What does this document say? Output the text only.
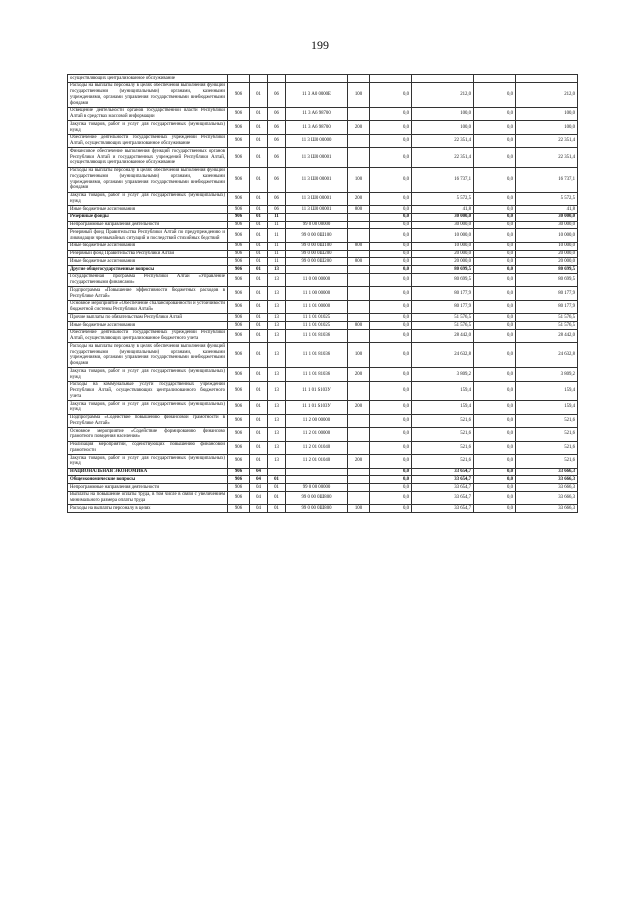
199
осуществляющих централизованное обслуживание									
Расходы на выплаты персоналу в целях обеспечения выполнения функций государственными (муниципальными) органами, казенными учреждениями, органами управления государственными внебюджетными фондами	906	01	06	11 3 А0 0000Е	100	0,0	212,0	0,0	212,0
Освещение деятельности органов государственной власти Республики Алтай в средствах массовой информации	906	01	06	11 3 А6 98700		0,0	100,0	0,0	100,0
Закупка товаров, работ и услуг для государственных (муниципальных) нужд	906	01	06	11 3 А6 98700	200	0,0	100,0	0,0	100,0
Обеспечение деятельности государственных учреждений Республики Алтай, осуществляющих централизованное обслуживание	906	01	06	11 3 Ш0 00000		0,0	22 351,4	0,0	22 351,4
Финансовое обеспечение выполнения функций государственных органов Республики Алтай и государственных учреждений Республики Алтай, осуществляющих централизованное обслуживание	906	01	06	11 3 Ш0 00001		0,0	22 351,4	0,0	22 351,4
Расходы на выплаты персоналу в целях обеспечения выполнения функций государственными (муниципальными) органами, казенными учреждениями, органами управления государственными внебюджетными фондами	906	01	06	11 3 Ш0 00001	100	0,0	16 737,1	0,0	16 737,1
Закупка товаров, работ и услуг для государственных (муниципальных) нужд	906	01	06	11 3 Ш0 00001	200	0,0	5 572,5	0,0	5 572,5
Иные бюджетные ассигнования	906	01	06	11 3 Ш0 00001	800	0,0	41,8	0,0	41,8
Резервные фонды	906	01	11			0,0	30 000,0	0,0	30 000,0
Непрограммные направления деятельности	906	01	11	99 0 00 00000		0,0	30 000,0	0,0	30 000,0
Резервный фонд Правительства Республики Алтай по предупреждению и ликвидации чрезвычайных ситуаций и последствий стихийных бедствий	906	01	11	99 0 00 0Ш100		0,0	10 000,0	0,0	10 000,0
Иные бюджетные ассигнования	906	01	11	99 0 00 0Ш100	800	0,0	10 000,0	0,0	10 000,0
Резервный фонд Правительства Республики Алтай	906	01	11	99 0 00 0Ш200		0,0	20 000,0	0,0	20 000,0
Иные бюджетные ассигнования	906	01	11	99 0 00 0Ш200	800	0,0	20 000,0	0,0	20 000,0
Другие общегосударственные вопросы	906	01	13			0,0	80 699,5	0,0	80 699,5
Государственная программа Республики Алтай «Управление государственными финансами»	906	01	13	11 0 00 00000		0,0	80 699,5	0,0	80 699,5
Подпрограмма «Повышение эффективности бюджетных расходов в Республике Алтай»	906	01	13	11 1 00 00000		0,0	80 177,9	0,0	80 177,9
Основное мероприятие «Обеспечение сбалансированности и устойчивости бюджетной системы Республики Алтай»	906	01	13	11 1 01 00000		0,0	80 177,9	0,0	80 177,9
Прочие выплаты по обязательствам Республики Алтай	906	01	13	11 1 01 01025		0,0	51 576,5	0,0	51 576,5
Иные бюджетные ассигнования	906	01	13	11 1 01 01025	800	0,0	51 576,5	0,0	51 576,5
Обеспечение деятельности государственных учреждений Республики Алтай, осуществляющих централизованное бюджетного учета	906	01	13	11 1 01 81036		0,0	28 442,0	0,0	28 442,0
Расходы на выплаты персоналу в целях обеспечения выполнения функций государственными (муниципальными) органами, казенными учреждениями, органами управления государственными внебюджетными фондами	906	01	13	11 1 01 81036	100	0,0	24 632,8	0,0	24 632,8
Закупка товаров, работ и услуг для государственных (муниципальных) нужд	906	01	13	11 1 01 81036	200	0,0	3 809,2	0,0	3 809,2
Расходы на коммунальные услуги государственных учреждений Республики Алтай, осуществляющих централизованного бюджетного учета	906	01	13	11 1 01 S103У		0,0	159,4	0,0	159,4
Закупка товаров, работ и услуг для государственных (муниципальных) нужд	906	01	13	11 1 01 S103У	200	0,0	159,4	0,0	159,4
Подпрограмма «Содействие повышению финансовой грамотности в Республике Алтай»	906	01	13	11 2 00 00000		0,0	521,6	0,0	521,6
Основное мероприятие «Содействие формированию финансово грамотного поведения населения»	906	01	13	11 2 01 00000		0,0	521,6	0,0	521,6
Реализация мероприятий, содействующих повышению финансовой грамотности	906	01	13	11 2 01 01040		0,0	521,6	0,0	521,6
Закупка товаров, работ и услуг для государственных (муниципальных) нужд	906	01	13	11 2 01 01040	200	0,0	521,6	0,0	521,6
НАЦИОНАЛЬНАЯ ЭКОНОМИКА	906	04				0,0	33 654,7	0,0	33 666,3
Общеэкономические вопросы	906	04	01			0,0	33 654,7	0,0	33 666,3
Непрограммные направления деятельности	906	04	01	99 0 00 00000		0,0	33 654,7	0,0	33 666,3
Выплаты на повышение оплаты труда, в том числе в связи с увеличением минимального размера оплаты труда	906	04	01	99 0 00 0Ш800		0,0	33 654,7	0,0	33 666,3
Расходы на выплаты персоналу в целях	906	04	01	99 0 00 0Ш800	100	0,0	33 654,7	0,0	33 666,3
